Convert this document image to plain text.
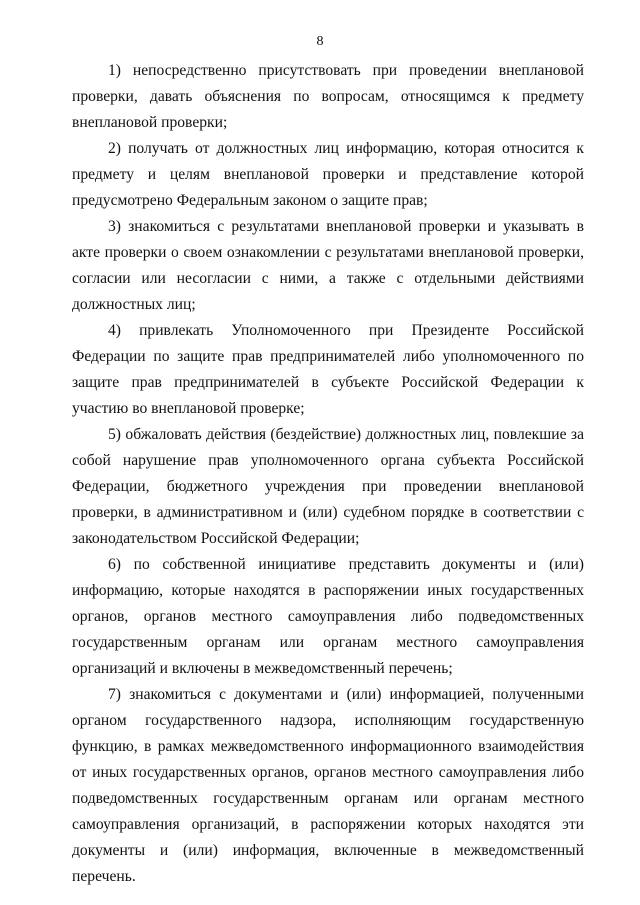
8

1) непосредственно присутствовать при проведении внеплановой проверки, давать объяснения по вопросам, относящимся к предмету внеплановой проверки;

2) получать от должностных лиц информацию, которая относится к предмету и целям внеплановой проверки и представление которой предусмотрено Федеральным законом о защите прав;

3) знакомиться с результатами внеплановой проверки и указывать в акте проверки о своем ознакомлении с результатами внеплановой проверки, согласии или несогласии с ними, а также с отдельными действиями должностных лиц;

4) привлекать Уполномоченного при Президенте Российской Федерации по защите прав предпринимателей либо уполномоченного по защите прав предпринимателей в субъекте Российской Федерации к участию во внеплановой проверке;

5) обжаловать действия (бездействие) должностных лиц, повлекшие за собой нарушение прав уполномоченного органа субъекта Российской Федерации, бюджетного учреждения при проведении внеплановой проверки, в административном и (или) судебном порядке в соответствии с законодательством Российской Федерации;

6) по собственной инициативе представить документы и (или) информацию, которые находятся в распоряжении иных государственных органов, органов местного самоуправления либо подведомственных государственным органам или органам местного самоуправления организаций и включены в межведомственный перечень;

7) знакомиться с документами и (или) информацией, полученными органом государственного надзора, исполняющим государственную функцию, в рамках межведомственного информационного взаимодействия от иных государственных органов, органов местного самоуправления либо подведомственных государственным органам или органам местного самоуправления организаций, в распоряжении которых находятся эти документы и (или) информация, включенные в межведомственный перечень.
